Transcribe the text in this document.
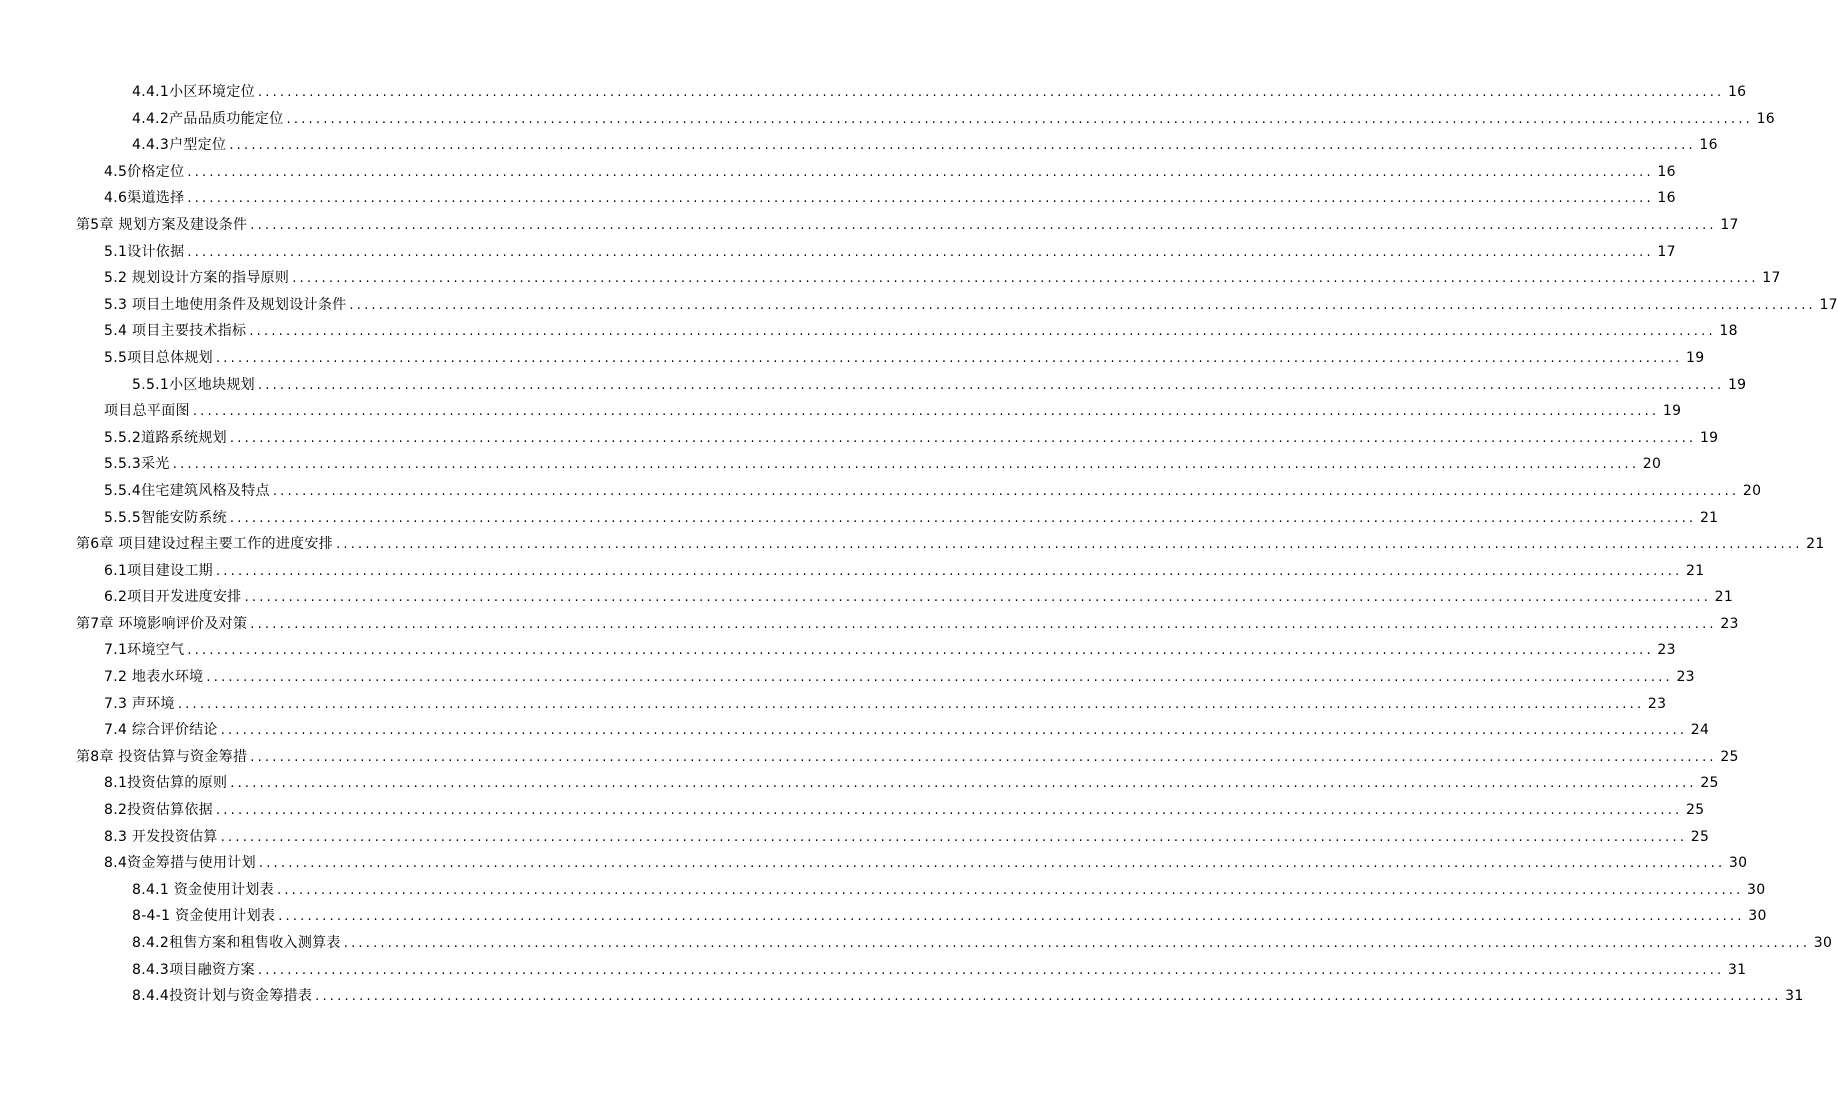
4.4.1小区环境定位 ........................................................................................................................................................................................................ 16
4.4.2产品品质功能定位 ........................................................................................................................................................................................................ 16
4.4.3户型定位 ........................................................................................................................................................................................................ 16
4.5价格定位 ........................................................................................................................................................................................................ 16
4.6渠道选择 ........................................................................................................................................................................................................ 16
第5章 规划方案及建设条件 ........................................................................................................................................................................................................ 17
5.1设计依据 ........................................................................................................................................................................................................ 17
5.2 规划设计方案的指导原则 ........................................................................................................................................................................................................ 17
5.3 项目土地使用条件及规划设计条件 ........................................................................................................................................................................................................ 17
5.4 项目主要技术指标 ........................................................................................................................................................................................................ 18
5.5项目总体规划 ........................................................................................................................................................................................................ 19
5.5.1小区地块规划 ........................................................................................................................................................................................................ 19
项目总平面图 ........................................................................................................................................................................................................ 19
5.5.2道路系统规划 ........................................................................................................................................................................................................ 19
5.5.3采光 ........................................................................................................................................................................................................ 20
5.5.4住宅建筑风格及特点 ........................................................................................................................................................................................................ 20
5.5.5智能安防系统 ........................................................................................................................................................................................................ 21
第6章 项目建设过程主要工作的进度安排 ........................................................................................................................................................................................................ 21
6.1项目建设工期 ........................................................................................................................................................................................................ 21
6.2项目开发进度安排 ........................................................................................................................................................................................................ 21
第7章 环境影响评价及对策 ........................................................................................................................................................................................................ 23
7.1环境空气 ........................................................................................................................................................................................................ 23
7.2 地表水环境 ........................................................................................................................................................................................................ 23
7.3 声环境 ........................................................................................................................................................................................................ 23
7.4 综合评价结论 ........................................................................................................................................................................................................ 24
第8章 投资估算与资金筹措 ........................................................................................................................................................................................................ 25
8.1投资估算的原则 ........................................................................................................................................................................................................ 25
8.2投资估算依据 ........................................................................................................................................................................................................ 25
8.3 开发投资估算 ........................................................................................................................................................................................................ 25
8.4资金筹措与使用计划 ........................................................................................................................................................................................................ 30
8.4.1 资金使用计划表 ........................................................................................................................................................................................................ 30
8-4-1 资金使用计划表 ........................................................................................................................................................................................................ 30
8.4.2租售方案和租售收入测算表 ........................................................................................................................................................................................................ 30
8.4.3项目融资方案 ........................................................................................................................................................................................................ 31
8.4.4投资计划与资金筹措表 ........................................................................................................................................................................................................ 31
